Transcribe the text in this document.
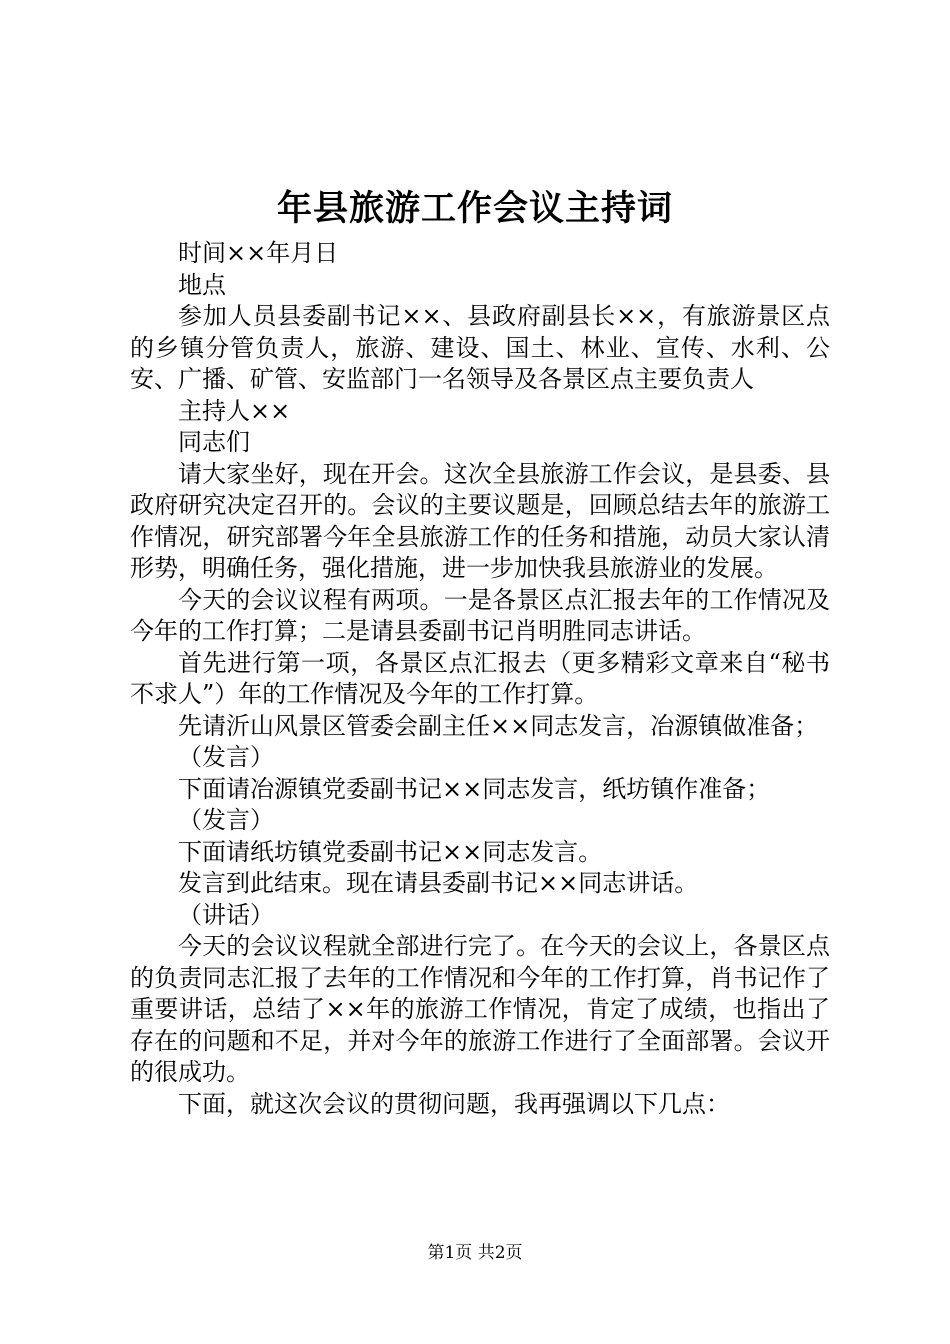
年县旅游工作会议主持词

时间××年月日

地点

参加人员县委副书记××、县政府副县长××，有旅游景区点的乡镇分管负责人，旅游、建设、国土、林业、宣传、水利、公安、广播、矿管、安监部门一名领导及各景区点主要负责人

主持人××

同志们

请大家坐好，现在开会。这次全县旅游工作会议，是县委、县政府研究决定召开的。会议的主要议题是，回顾总结去年的旅游工作情况，研究部署今年全县旅游工作的任务和措施，动员大家认清形势，明确任务，强化措施，进一步加快我县旅游业的发展。

今天的会议议程有两项。一是各景区点汇报去年的工作情况及今年的工作打算；二是请县委副书记肖明胜同志讲话。

首先进行第一项，各景区点汇报去（更多精彩文章来自“秘书不求人”）年的工作情况及今年的工作打算。

先请沂山风景区管委会副主任××同志发言，冶源镇做准备；

（发言）

下面请冶源镇党委副书记××同志发言，纸坊镇作准备；

（发言）

下面请纸坊镇党委副书记××同志发言。

发言到此结束。现在请县委副书记××同志讲话。

（讲话）

今天的会议议程就全部进行完了。在今天的会议上，各景区点的负责同志汇报了去年的工作情况和今年的工作打算，肖书记作了重要讲话，总结了××年的旅游工作情况，肯定了成绩，也指出了存在的问题和不足，并对今年的旅游工作进行了全面部署。会议开的很成功。

下面，就这次会议的贯彻问题，我再强调以下几点：

第1页 共2页
